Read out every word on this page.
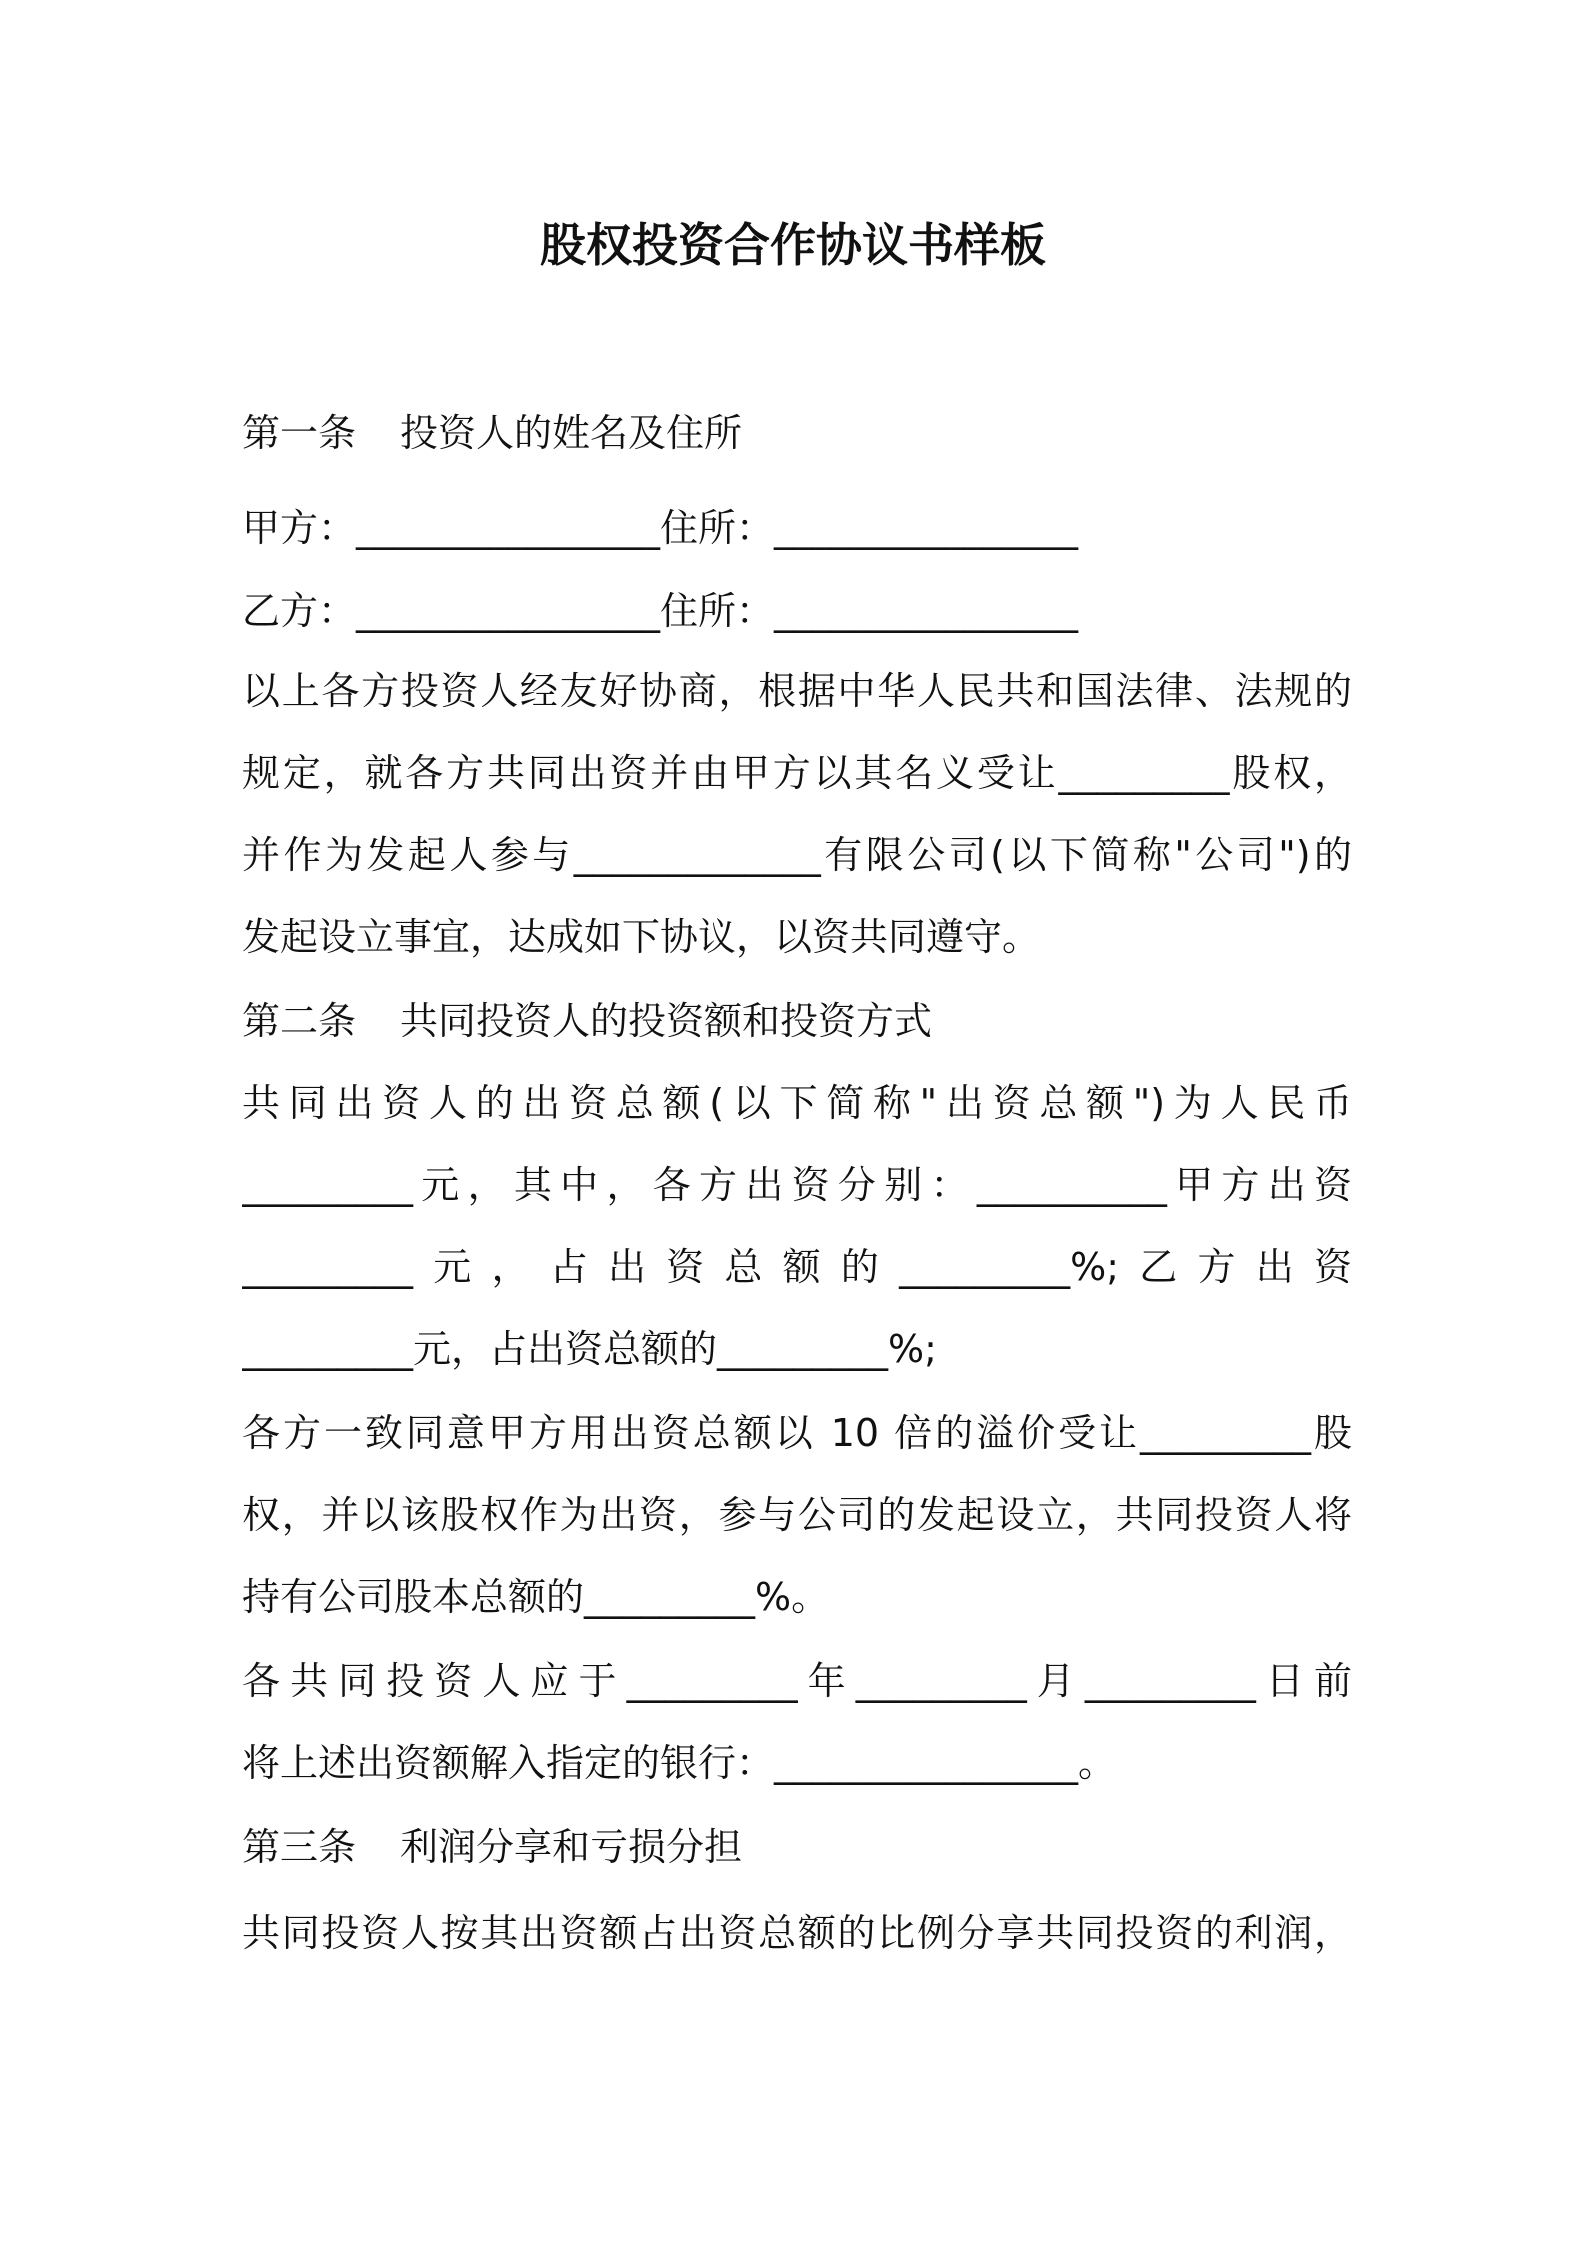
股权投资合作协议书样板
第一条 投资人的姓名及住所
甲方：________________住所：________________
乙方：________________住所：________________
以上各方投资人经友好协商，根据中华人民共和国法律、法规的
规定，就各方共同出资并由甲方以其名义受让_________股权，
并作为发起人参与_____________有限公司(以下简称"公司")的
发起设立事宜，达成如下协议，以资共同遵守。
第二条 共同投资人的投资额和投资方式
共同出资人的出资总额(以下简称"出资总额")为人民币
_________元，其中，各方出资分别：__________甲方出资
_________元，占出资总额的_________%;乙方出资
_________元，占出资总额的_________%;
各方一致同意甲方用出资总额以 10 倍的溢价受让_________股
权，并以该股权作为出资，参与公司的发起设立，共同投资人将
持有公司股本总额的_________%。
各共同投资人应于_________年_________月_________日前
将上述出资额解入指定的银行：________________。
第三条 利润分享和亏损分担
共同投资人按其出资额占出资总额的比例分享共同投资的利润，
